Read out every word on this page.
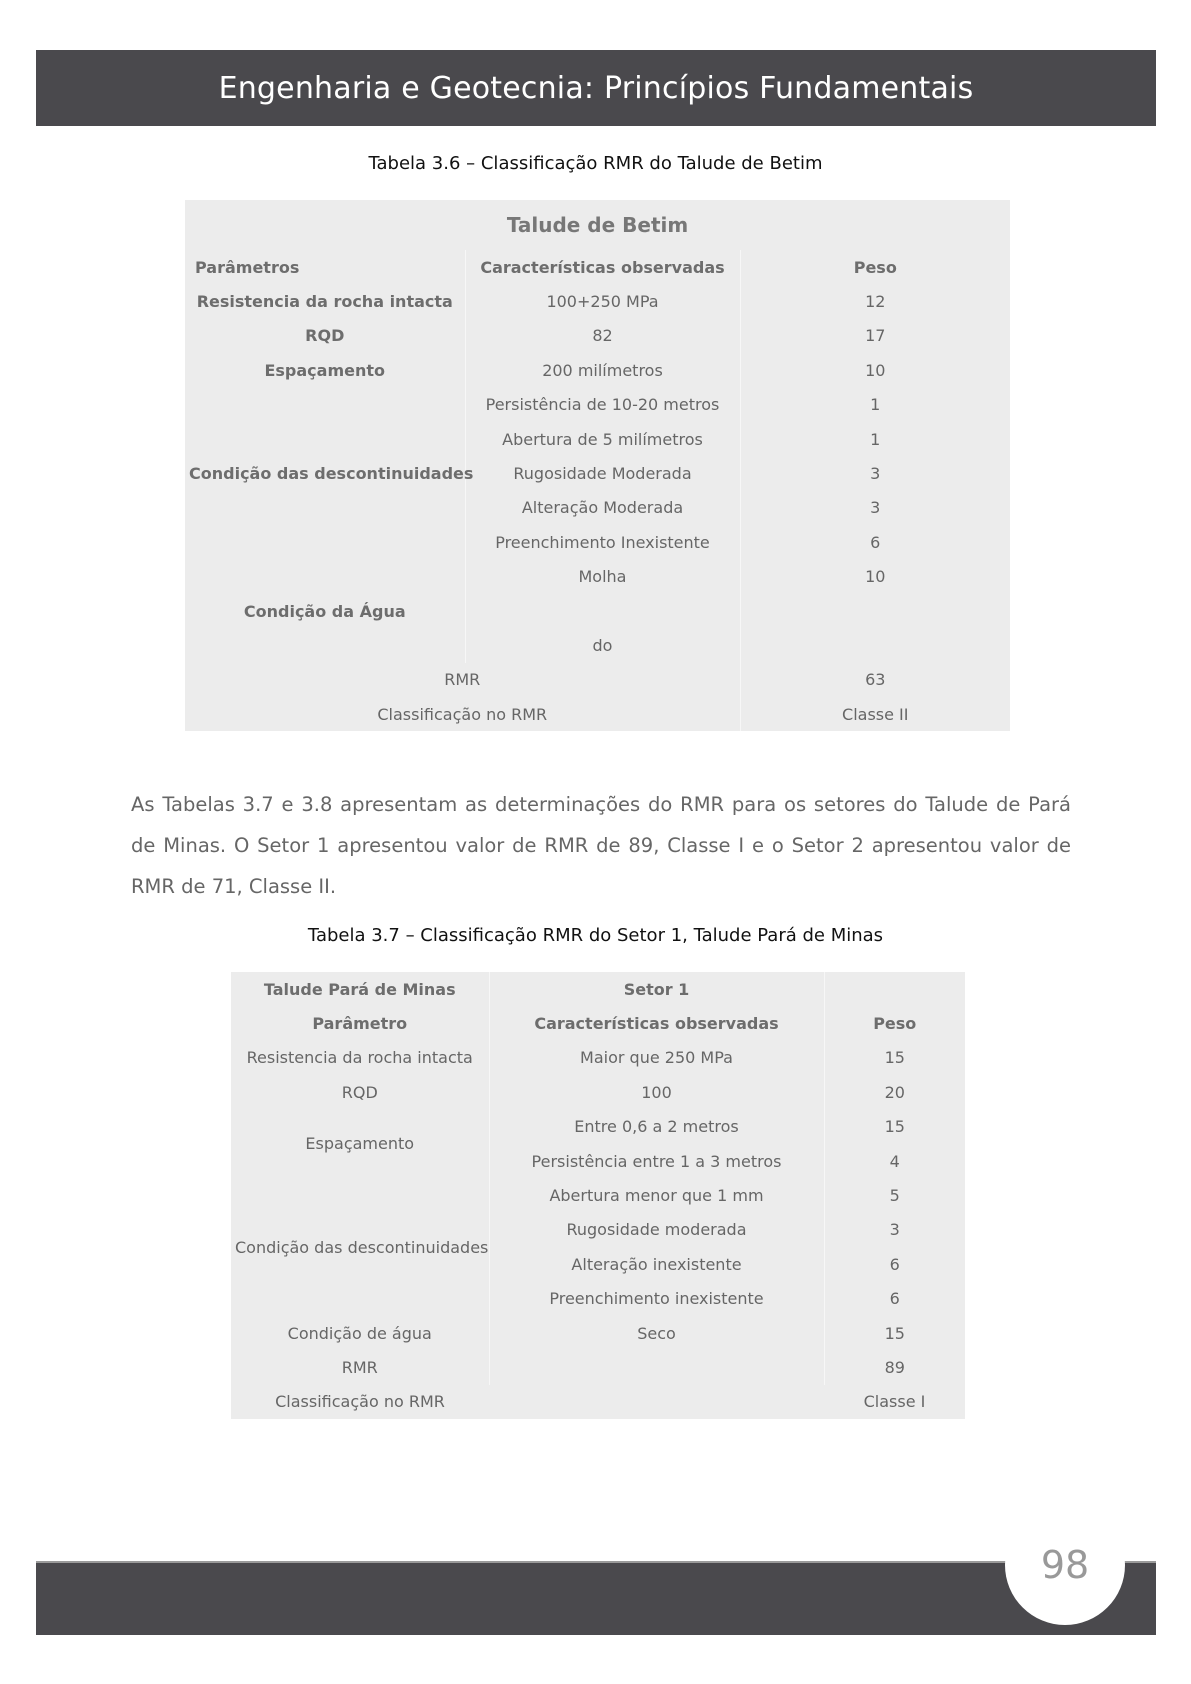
Engenharia e Geotecnia: Princípios Fundamentais
Tabela 3.6 – Classificação RMR do Talude de Betim
Talude de Betim		
Parâmetros	Características observadas	Peso
Resistencia da rocha intacta	100+250 MPa	12
RQD	82	17
Espaçamento	200 milímetros	10
Condição das descontinuidades	Persistência de 10-20 metros	1
	Abertura de 5 milímetros	1
	Rugosidade Moderada	3
	Alteração Moderada	3
	Preenchimento Inexistente	6
Condição da Água	Molha	10

	do	
RMR		63
Classificação no RMR		Classe II

As Tabelas 3.7 e 3.8 apresentam as determinações do RMR para os setores do Talude de Pará de Minas. O Setor 1 apresentou valor de RMR de 89, Classe I e o Setor 2 apresentou valor de RMR de 71, Classe II.

Tabela 3.7 – Classificação RMR do Setor 1, Talude Pará de Minas
Talude Pará de Minas	Setor 1	
Parâmetro	Características observadas	Peso
Resistencia da rocha intacta	Maior que 250 MPa	15
RQD	100	20
Espaçamento	Entre 0,6 a 2 metros	15
	Persistência entre 1 a 3 metros	4
Condição das descontinuidades	Abertura menor que 1 mm	5
	Rugosidade moderada	3
	Alteração inexistente	6
	Preenchimento inexistente	6
Condição de água	Seco	15
RMR		89
Classificação no RMR		Classe I
98
